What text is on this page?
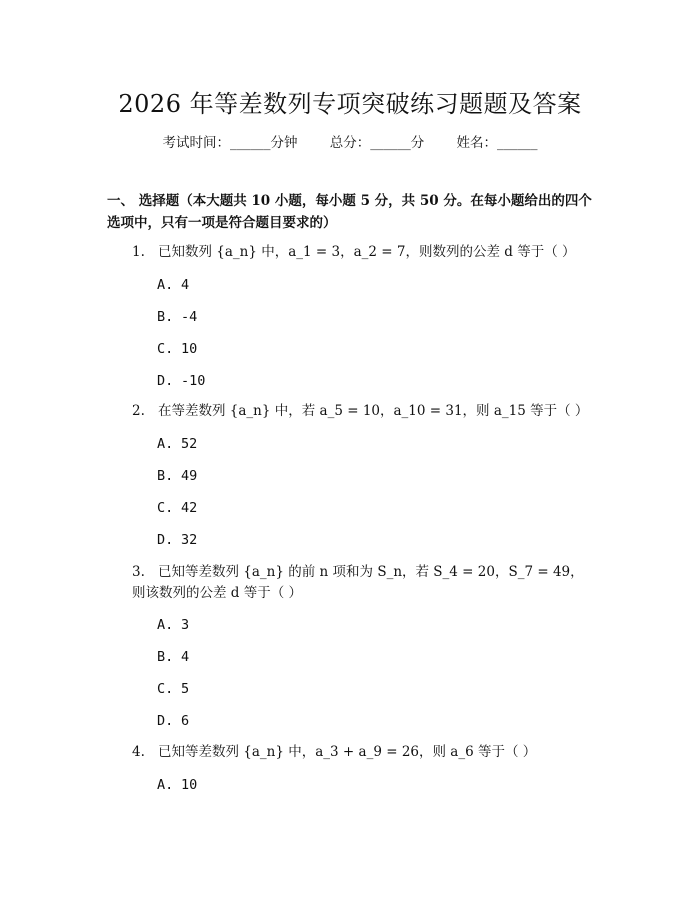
2026 年等差数列专项突破练习题题及答案
考试时间：______分钟 总分：______分 姓名：______
一、 选择题（本大题共 10 小题，每小题 5 分，共 50 分。在每小题给出的四个选项中，只有一项是符合题目要求的）
1. 已知数列 {a_n} 中，a_1 = 3，a_2 = 7，则数列的公差 d 等于（ ）
A. 4
B. -4
C. 10
D. -10
2. 在等差数列 {a_n} 中，若 a_5 = 10，a_10 = 31，则 a_15 等于（ ）
A. 52
B. 49
C. 42
D. 32
3. 已知等差数列 {a_n} 的前 n 项和为 S_n，若 S_4 = 20，S_7 = 49，则该数列的公差 d 等于（ ）
A. 3
B. 4
C. 5
D. 6
4. 已知等差数列 {a_n} 中，a_3 + a_9 = 26，则 a_6 等于（ ）
A. 10
